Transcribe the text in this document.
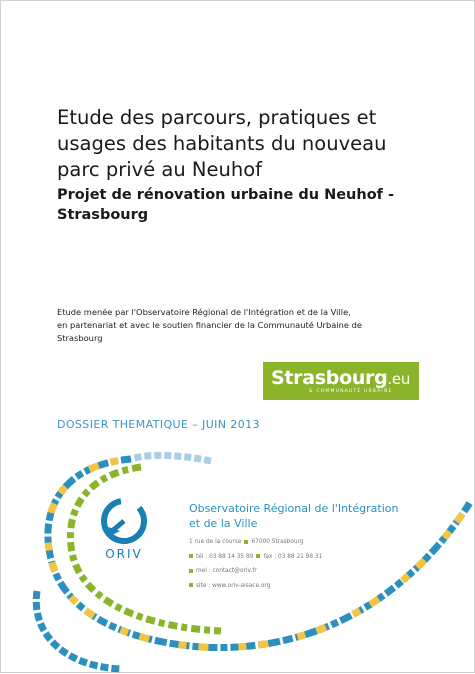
Etude des parcours, pratiques et
usages des habitants du nouveau
parc privé au Neuhof
Projet de rénovation urbaine du Neuhof -
Strasbourg
Etude menée par l'Observatoire Régional de l'Intégration et de la Ville,
en partenariat et avec le soutien financier de la Communauté Urbaine de
Strasbourg
Strasbourg.eu
& COMMUNAUTÉ URBAINE
DOSSIER THEMATIQUE – JUIN 2013
ORIV
Observatoire Régional de l'Intégration
et de la Ville
1 rue de la course 67000 Strasbourg
tél : 03 88 14 35 89 fax : 03 88 21 98 31
mel : contact@oriv.fr
site : www.oriv-alsace.org
